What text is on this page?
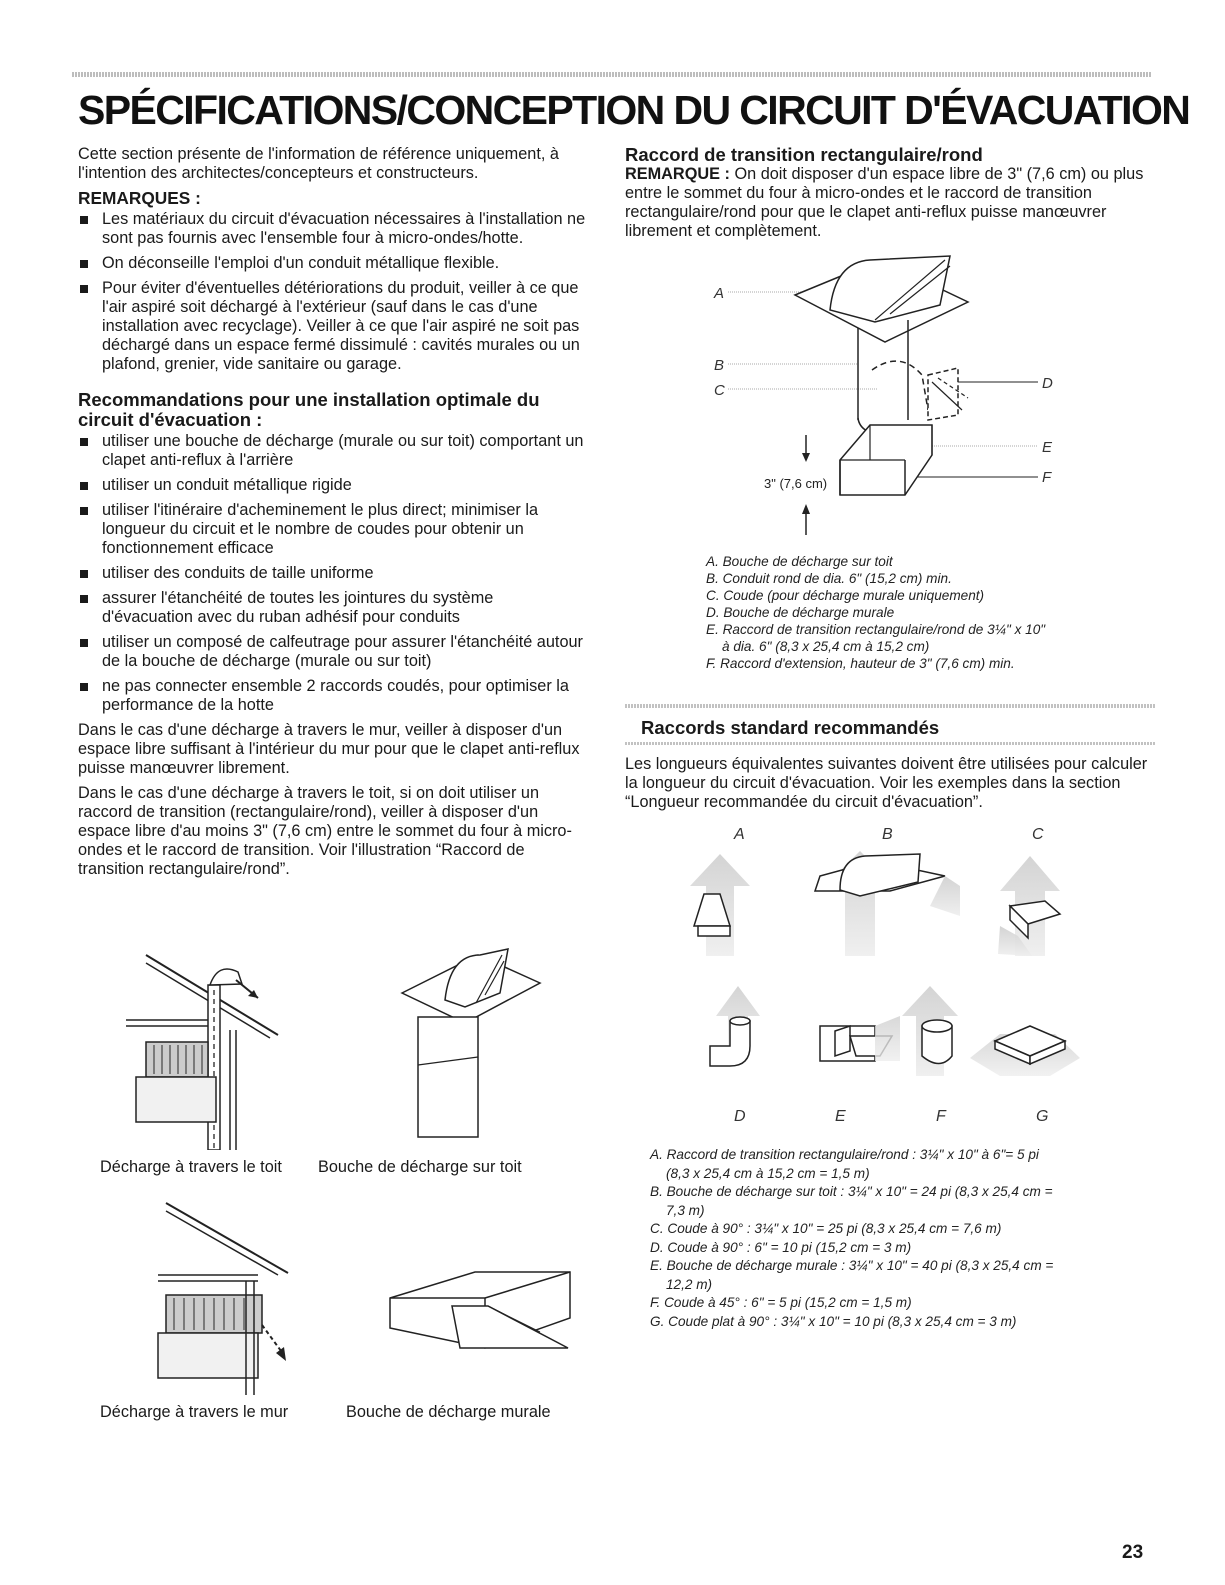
SPÉCIFICATIONS/CONCEPTION DU CIRCUIT D'ÉVACUATION

Cette section présente de l'information de référence uniquement, à l'intention des architectes/concepteurs et constructeurs.

REMARQUES :

Les matériaux du circuit d'évacuation nécessaires à l'installation ne sont pas fournis avec l'ensemble four à micro-ondes/hotte.
On déconseille l'emploi d'un conduit métallique flexible.
Pour éviter d'éventuelles détériorations du produit, veiller à ce que l'air aspiré soit déchargé à l'extérieur (sauf dans le cas d'une installation avec recyclage). Veiller à ce que l'air aspiré ne soit pas déchargé dans un espace fermé dissimulé : cavités murales ou un plafond, grenier, vide sanitaire ou garage.

Recommandations pour une installation optimale du circuit d'évacuation :

utiliser une bouche de décharge (murale ou sur toit) comportant un clapet anti-reflux à l'arrière
utiliser un conduit métallique rigide
utiliser l'itinéraire d'acheminement le plus direct; minimiser la longueur du circuit et le nombre de coudes pour obtenir un fonctionnement efficace
utiliser des conduits de taille uniforme
assurer l'étanchéité de toutes les jointures du système d'évacuation avec du ruban adhésif pour conduits
utiliser un composé de calfeutrage pour assurer l'étanchéité autour de la bouche de décharge (murale ou sur toit)
ne pas connecter ensemble 2 raccords coudés, pour optimiser la performance de la hotte

Dans le cas d'une décharge à travers le mur, veiller à disposer d'un espace libre suffisant à l'intérieur du mur pour que le clapet anti-reflux puisse manœuvrer librement.

Dans le cas d'une décharge à travers le toit, si on doit utiliser un raccord de transition (rectangulaire/rond), veiller à disposer d'un espace libre d'au moins 3" (7,6 cm) entre le sommet du four à micro-ondes et le raccord de transition. Voir l'illustration “Raccord de transition rectangulaire/rond”.

Décharge à travers le toit Bouche de décharge sur toit
Décharge à travers le mur	Bouche de décharge murale

Raccord de transition rectangulaire/rond

REMARQUE : On doit disposer d'un espace libre de 3" (7,6 cm) ou plus entre le sommet du four à micro-ondes et le raccord de transition rectangulaire/rond pour que le clapet anti-reflux puisse manœuvrer librement et complètement.

A
B
C	D
E
F
3" (7,6 cm)
A. Bouche de décharge sur toit
B. Conduit rond de dia. 6" (15,2 cm) min.
C. Coude (pour décharge murale uniquement)
D. Bouche de décharge murale
E. Raccord de transition rectangulaire/rond de 3¼" x 10"
à dia. 6" (8,3 x 25,4 cm à 15,2 cm)
F. Raccord d'extension, hauteur de 3" (7,6 cm) min.

Raccords standard recommandés

Les longueurs équivalentes suivantes doivent être utilisées pour calculer la longueur du circuit d'évacuation. Voir les exemples dans la section “Longueur recommandée du circuit d'évacuation”.

A	B	C
D	E	F	G
A. Raccord de transition rectangulaire/rond : 3¼" x 10" à 6"= 5 pi
(8,3 x 25,4 cm à 15,2 cm = 1,5 m)
B. Bouche de décharge sur toit : 3¼" x 10" = 24 pi (8,3 x 25,4 cm =
7,3 m)
C. Coude à 90° : 3¼" x 10" = 25 pi (8,3 x 25,4 cm = 7,6 m)
D. Coude à 90° : 6" = 10 pi (15,2 cm = 3 m)
E. Bouche de décharge murale : 3¼" x 10" = 40 pi (8,3 x 25,4 cm =
12,2 m)
F. Coude à 45° : 6" = 5 pi (15,2 cm = 1,5 m)
G. Coude plat à 90° : 3¼" x 10" = 10 pi (8,3 x 25,4 cm = 3 m)
23
